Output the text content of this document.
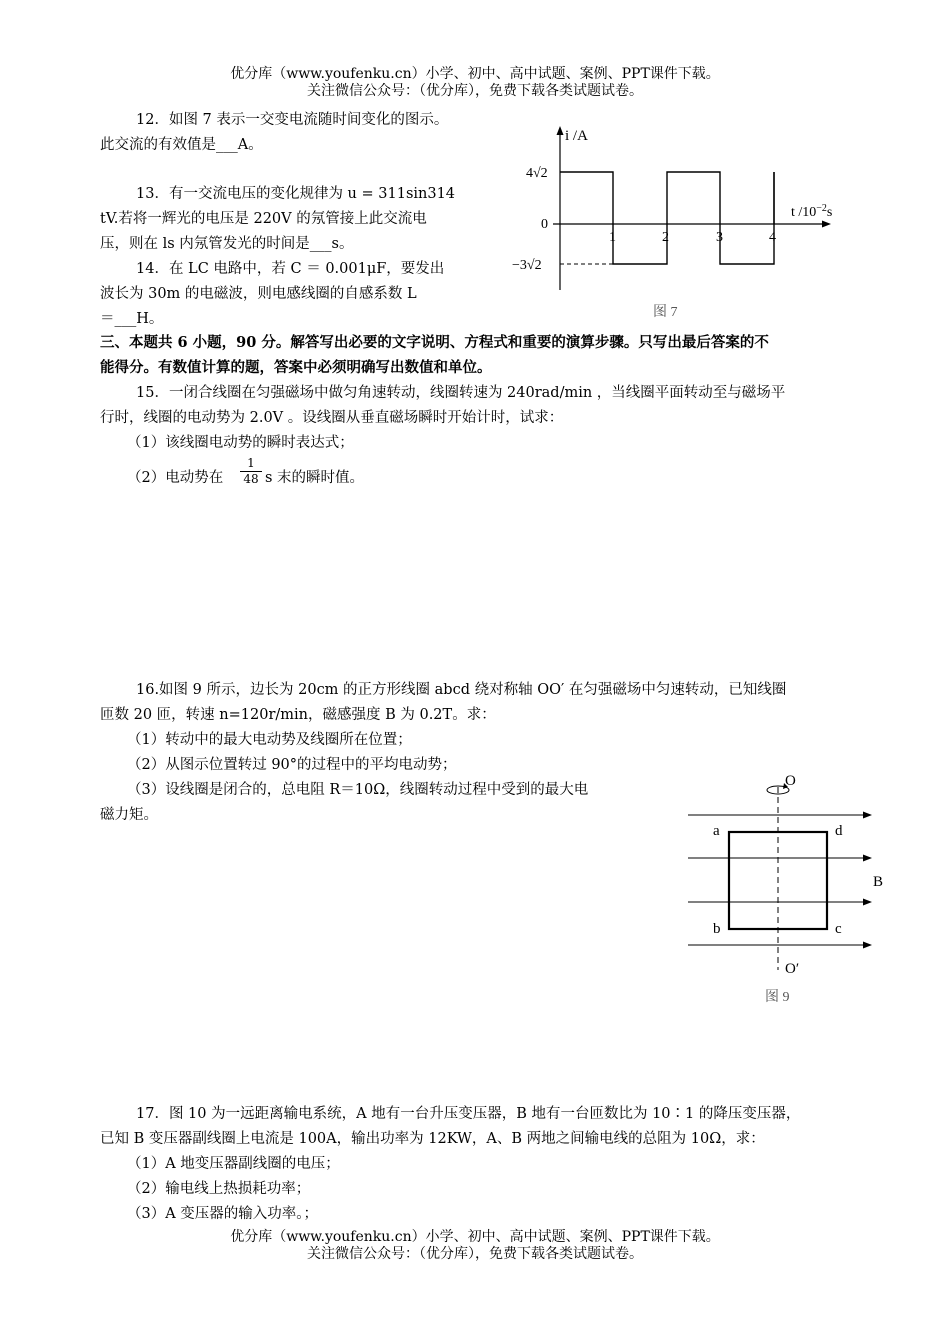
优分库（www.youfenku.cn）小学、初中、高中试题、案例、PPT课件下载。
关注微信公众号：（优分库），免费下载各类试题试卷。
12．如图 7 表示一交变电流随时间变化的图示。
此交流的有效值是___A。
13．有一交流电压的变化规律为 u = 311sin314
tV.若将一辉光的电压是 220V 的氖管接上此交流电
压，则在 ls 内氖管发光的时间是___s。
14．在 LC 电路中，若 C ＝ 0.001μF，要发出
波长为 30m 的电磁波，则电感线圈的自感系数 L
＝___H。
i /A
4√2
−3√2
0
1	2	3	4
t $/10^{-2}s$
图 7
三、本题共 6 小题，90 分。解答写出必要的文字说明、方程式和重要的演算步骤。只写出最后答案的不
能得分。有数值计算的题，答案中必须明确写出数值和单位。
15．一闭合线圈在匀强磁场中做匀角速转动，线圈转速为 240rad/min ，当线圈平面转动至与磁场平
行时，线圈的电动势为 2.0V 。设线圈从垂直磁场瞬时开始计时，试求：
（1）该线圈电动势的瞬时表达式；
（2）电动势在 $\frac{1}{48}$ s 末的瞬时值。
16.如图 9 所示，边长为 20cm 的正方形线圈 abcd 绕对称轴 OO′ 在匀强磁场中匀速转动，已知线圈
匝数 20 匝，转速 n=120r/min，磁感强度 B 为 0.2T。求：
（1）转动中的最大电动势及线圈所在位置；
（2）从图示位置转过 90°的过程中的平均电动势；
（3）设线圈是闭合的，总电阻 R＝10Ω，线圈转动过程中受到的最大电
磁力矩。
O
O′
a	d
b	c
B
图 9
17．图 10 为一远距离输电系统，A 地有一台升压变压器，B 地有一台匝数比为 10∶1 的降压变压器，
已知 B 变压器副线圈上电流是 100A，输出功率为 12KW，A、B 两地之间输电线的总阻为 10Ω，求：
（1）A 地变压器副线圈的电压；
（2）输电线上热损耗功率；
（3）A 变压器的输入功率。；
优分库（www.youfenku.cn）小学、初中、高中试题、案例、PPT课件下载。
关注微信公众号：（优分库），免费下载各类试题试卷。
